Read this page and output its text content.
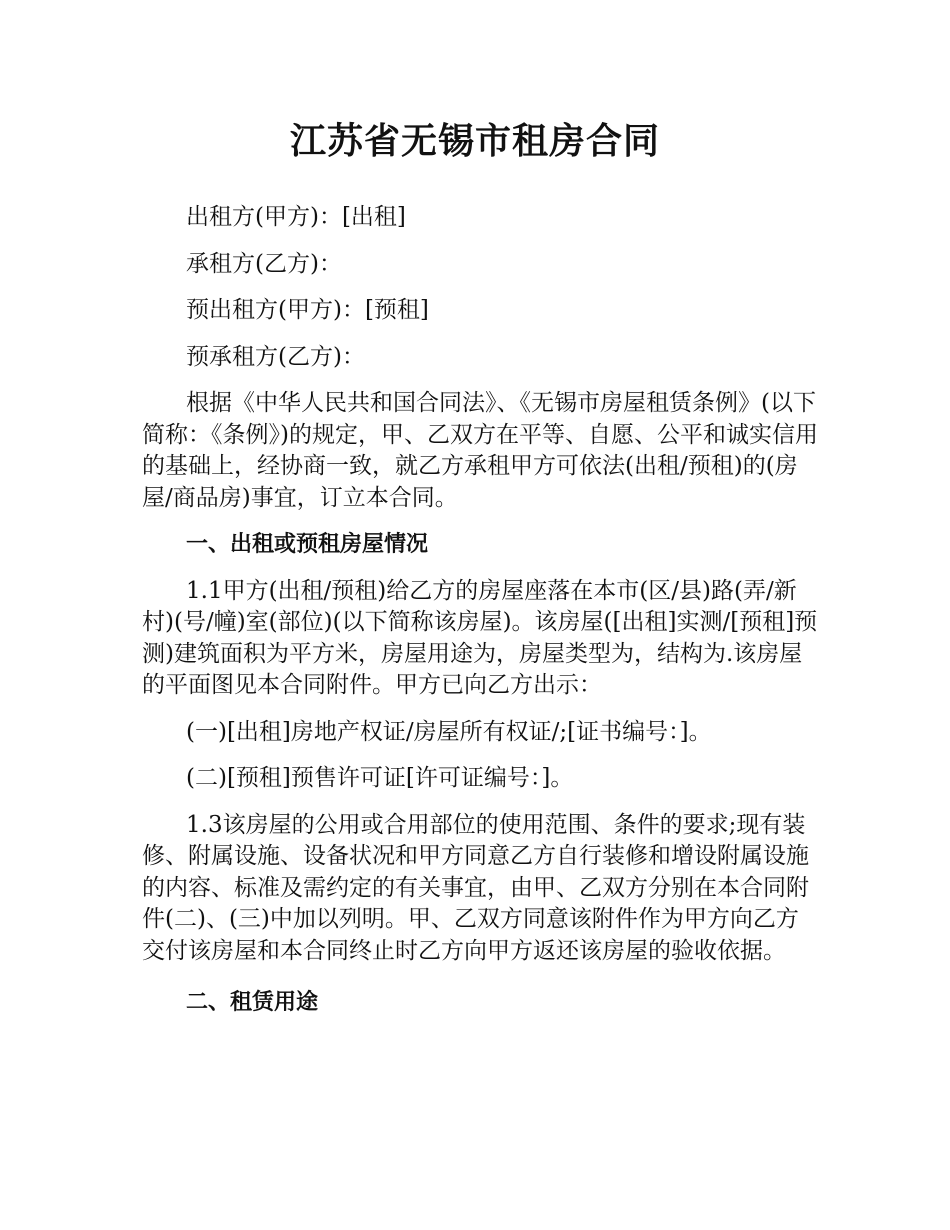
江苏省无锡市租房合同

出租方(甲方)：[出租]

承租方(乙方)：

预出租方(甲方)：[预租]

预承租方(乙方)：

根据《中华人民共和国合同法》、《无锡市房屋租赁条例》(以下简称：《条例》)的规定，甲、乙双方在平等、自愿、公平和诚实信用的基础上，经协商一致，就乙方承租甲方可依法(出租/预租)的(房屋/商品房)事宜，订立本合同。

一、出租或预租房屋情况

1.1甲方(出租/预租)给乙方的房屋座落在本市(区/县)路(弄/新村)(号/幢)室(部位)(以下简称该房屋)。该房屋([出租]实测/[预租]预测)建筑面积为平方米，房屋用途为，房屋类型为，结构为.该房屋的平面图见本合同附件。甲方已向乙方出示：

(一)[出租]房地产权证/房屋所有权证/;[证书编号：]。

(二)[预租]预售许可证[许可证编号：]。

1.3该房屋的公用或合用部位的使用范围、条件的要求;现有装修、附属设施、设备状况和甲方同意乙方自行装修和增设附属设施的内容、标准及需约定的有关事宜，由甲、乙双方分别在本合同附件(二)、(三)中加以列明。甲、乙双方同意该附件作为甲方向乙方交付该房屋和本合同终止时乙方向甲方返还该房屋的验收依据。

二、租赁用途
